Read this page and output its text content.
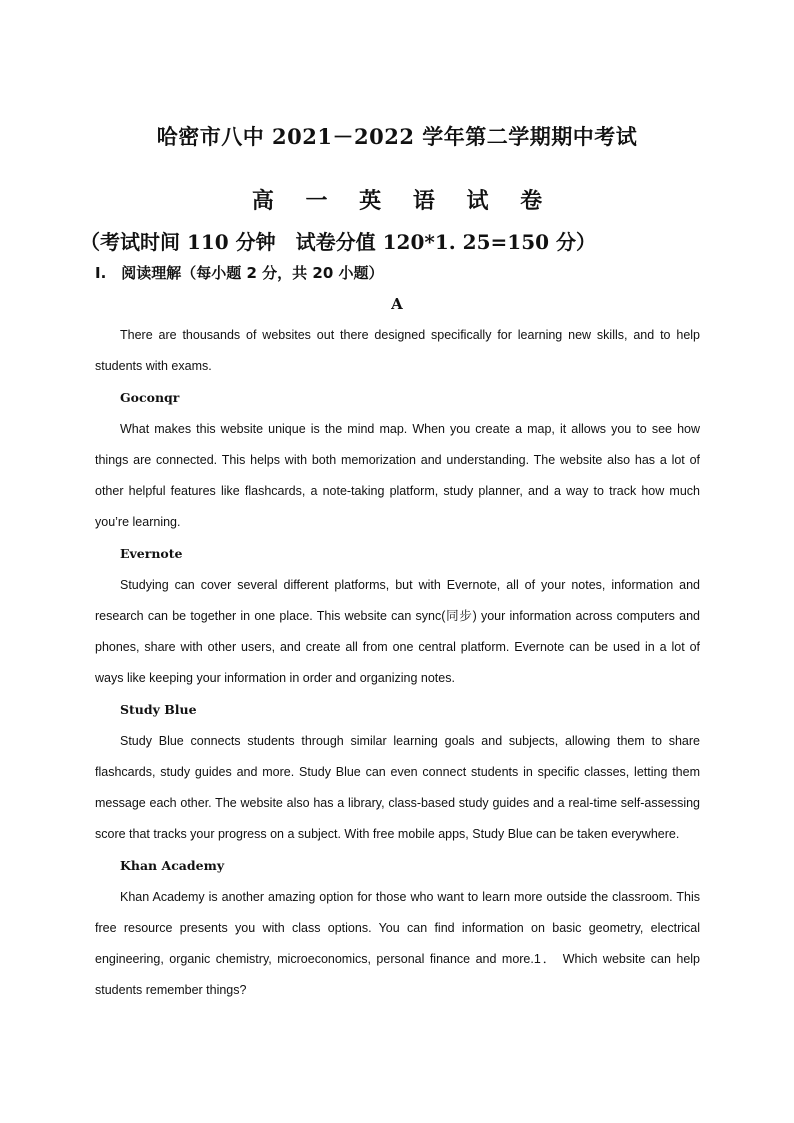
哈密市八中 2021－2022 学年第二学期期中考试
高 一 英 语 试 卷
（考试时间 110 分钟　试卷分值 120*1. 25=150 分）
I.　阅读理解（每小题 2 分，共 20 小题）
A

There are thousands of websites out there designed specifically for learning new skills, and to help students with exams.

Goconqr

What makes this website unique is the mind map. When you create a map, it allows you to see how things are connected. This helps with both memorization and understanding. The website also has a lot of other helpful features like flashcards, a note-taking platform, study planner, and a way to track how much you’re learning.

Evernote

Studying can cover several different platforms, but with Evernote, all of your notes, information and research can be together in one place. This website can sync(同步) your information across computers and phones, share with other users, and create all from one central platform. Evernote can be used in a lot of ways like keeping your information in order and organizing notes.

Study Blue

Study Blue connects students through similar learning goals and subjects, allowing them to share flashcards, study guides and more. Study Blue can even connect students in specific classes, letting them message each other. The website also has a library, class-based study guides and a real-time self-assessing score that tracks your progress on a subject. With free mobile apps, Study Blue can be taken everywhere.

Khan Academy

Khan Academy is another amazing option for those who want to learn more outside the classroom. This free resource presents you with class options. You can find information on basic geometry, electrical engineering, organic chemistry, microeconomics, personal finance and more.1． Which website can help students remember things?
